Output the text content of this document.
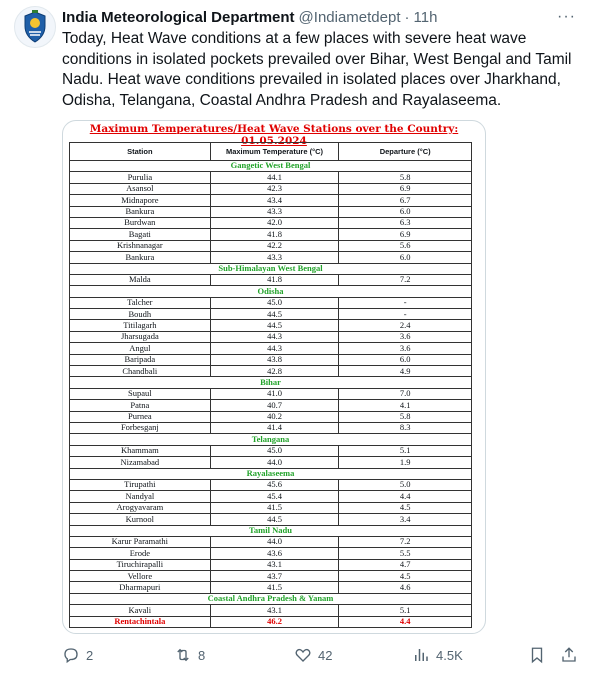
India Meteorological Department @Indiametdept · 11h	···
Today, Heat Wave conditions at a few places with severe heat wave conditions in isolated pockets prevailed over Bihar, West Bengal and Tamil Nadu. Heat wave conditions prevailed in isolated places over Jharkhand, Odisha, Telangana, Coastal Andhra Pradesh and Rayalaseema.
Maximum Temperatures/Heat Wave Stations over the Country: 01.05.2024
Station	Maximum Temperature (°C)	Departure (°C)
Gangetic West Bengal		
Purulia	44.1	5.8
Asansol	42.3	6.9
Midnapore	43.4	6.7
Bankura	43.3	6.0
Burdwan	42.0	6.3
Bagati	41.8	6.9
Krishnanagar	42.2	5.6
Bankura	43.3	6.0
Sub-Himalayan West Bengal		
Malda	41.8	7.2
Odisha		
Talcher	45.0	-
Boudh	44.5	-
Titilagarh	44.5	2.4
Jharsugada	44.3	3.6
Angul	44.3	3.6
Baripada	43.8	6.0
Chandbali	42.8	4.9
Bihar		
Supaul	41.0	7.0
Patna	40.7	4.1
Purnea	40.2	5.8
Forbesganj	41.4	8.3
Telangana		
Khammam	45.0	5.1
Nizamabad	44.0	1.9
Rayalaseema		
Tirupathi	45.6	5.0
Nandyal	45.4	4.4
Arogyavaram	41.5	4.5
Kurnool	44.5	3.4
Tamil Nadu		
Karur Paramathi	44.0	7.2
Erode	43.6	5.5
Tiruchirapalli	43.1	4.7
Vellore	43.7	4.5
Dharmapuri	41.5	4.6
Coastal Andhra Pradesh & Yanam		
Kavali	43.1	5.1
Rentachintala	46.2	4.4
2	8	42	4.5K
